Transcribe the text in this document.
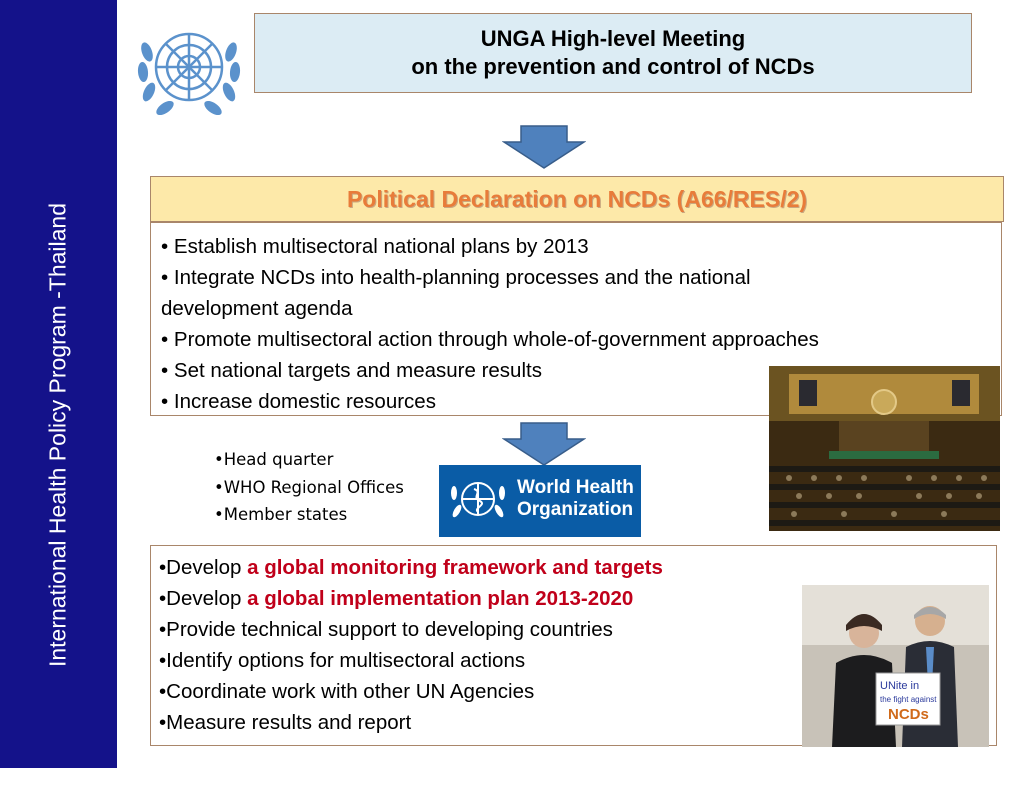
International Health Policy Program -Thailand
UNGA High-level Meeting
on the prevention and control of NCDs
Political Declaration on NCDs (A66/RES/2)
• Establish multisectoral national plans by 2013
• Integrate NCDs into health-planning processes and the national
development agenda
• Promote multisectoral action through whole-of-government approaches
• Set national targets and measure results
• Increase domestic resources
•Head quarter
•WHO Regional Offices
•Member states
World Health
Organization
•Develop a global monitoring framework and targets
•Develop a global implementation plan 2013-2020
•Provide technical support to developing countries
•Identify options for multisectoral actions
•Coordinate work with other UN Agencies
•Measure results and report
UNite in
the fight against
NCDs
